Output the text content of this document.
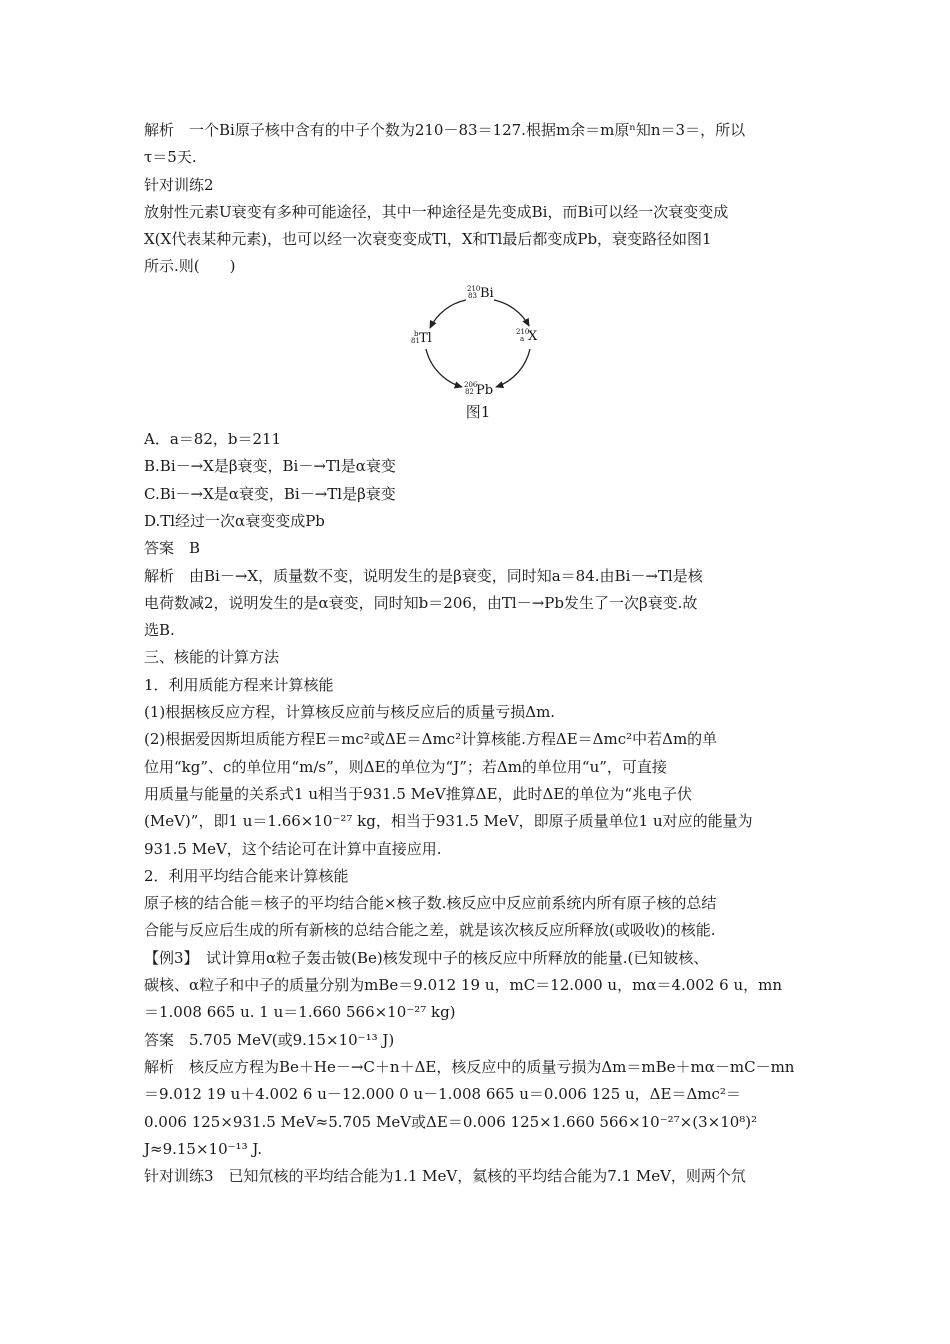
解析　一个Bi原子核中含有的中子个数为210－83＝127.根据m余＝m原ⁿ知n＝3＝，所以
τ＝5天.
针对训练2
放射性元素U衰变有多种可能途径，其中一种途径是先变成Bi，而Bi可以经一次衰变变成
X(X代表某种元素)，也可以经一次衰变变成Tl，X和Tl最后都变成Pb，衰变路径如图1
所示.则(　　)
210
83 Bi
b
81 Tl	210
a X
206
82 Pb
图1
A．a＝82，b＝211
B.Bi－→X是β衰变，Bi－→Tl是α衰变
C.Bi－→X是α衰变，Bi－→Tl是β衰变
D.Tl经过一次α衰变变成Pb
答案　B
解析　由Bi－→X，质量数不变，说明发生的是β衰变，同时知a＝84.由Bi－→Tl是核
电荷数减2，说明发生的是α衰变，同时知b＝206，由Tl－→Pb发生了一次β衰变.故
选B.
三、核能的计算方法
1．利用质能方程来计算核能
(1)根据核反应方程，计算核反应前与核反应后的质量亏损Δm.
(2)根据爱因斯坦质能方程E＝mc²或ΔE＝Δmc²计算核能.方程ΔE＝Δmc²中若Δm的单
位用“kg”、c的单位用“m/s”，则ΔE的单位为“J”；若Δm的单位用“u”，可直接
用质量与能量的关系式1 u相当于931.5 MeV推算ΔE，此时ΔE的单位为“兆电子伏
(MeV)”，即1 u＝1.66×10⁻²⁷ kg，相当于931.5 MeV，即原子质量单位1 u对应的能量为
931.5 MeV，这个结论可在计算中直接应用.
2．利用平均结合能来计算核能
原子核的结合能＝核子的平均结合能×核子数.核反应中反应前系统内所有原子核的总结
合能与反应后生成的所有新核的总结合能之差，就是该次核反应所释放(或吸收)的核能.
【例3】　试计算用α粒子轰击铍(Be)核发现中子的核反应中所释放的能量.(已知铍核、
碳核、α粒子和中子的质量分别为mBe＝9.012 19 u，mC＝12.000 u，mα＝4.002 6 u，mn
＝1.008 665 u. 1 u＝1.660 566×10⁻²⁷ kg)
答案　5.705 MeV(或9.15×10⁻¹³ J)
解析　核反应方程为Be＋He－→C＋n＋ΔE，核反应中的质量亏损为Δm＝mBe＋mα－mC－mn
＝9.012 19 u＋4.002 6 u－12.000 0 u－1.008 665 u＝0.006 125 u，ΔE＝Δmc²＝
0.006 125×931.5 MeV≈5.705 MeV或ΔE＝0.006 125×1.660 566×10⁻²⁷×(3×10⁸)²
J≈9.15×10⁻¹³ J.
针对训练3　已知氘核的平均结合能为1.1 MeV，氦核的平均结合能为7.1 MeV，则两个氘
